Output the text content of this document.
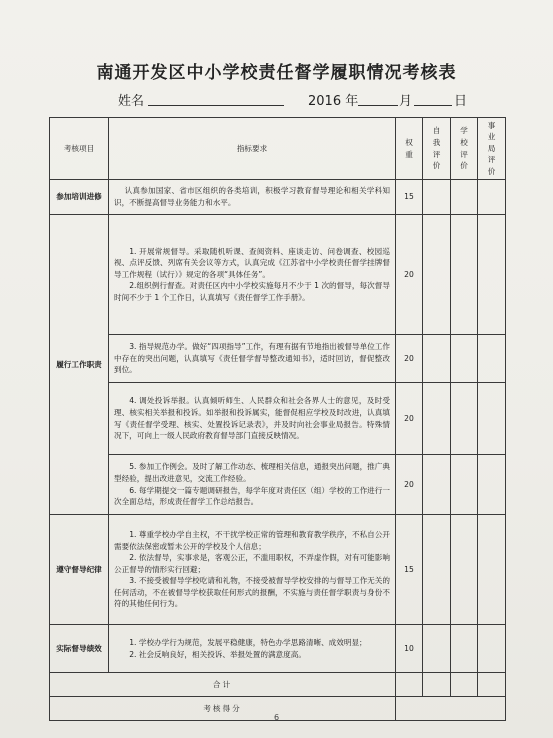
南通开发区中小学校责任督学履职情况考核表
姓名	2016 年	月	日
考核项目	指标要求	权重	自我评价	学校评价	事业局评价

参加培训进修	认真参加国家、省市区组织的各类培训，积极学习教育督导理论和相关学科知识，不断提高督导业务能力和水平。	15			
履行工作职责	1. 开展常规督导。采取随机听课、查阅资料、座谈走访、问卷调查、校园巡视、点评反馈、列席有关会议等方式，认真完成《江苏省中小学校责任督学挂牌督导工作规程（试行）》规定的各项“具体任务”。

2.组织例行督查。对责任区内中小学校实施每月不少于 1 次的督导，每次督导时间不少于 1 个工作日，认真填写《责任督学工作手册》。	20			

	3. 指导规范办学。做好“四项指导”工作，有理有据有节地指出被督导单位工作中存在的突出问题，认真填写《责任督学督导整改通知书》，适时回访，督促整改到位。	20			

	4. 调处投诉举报。认真倾听师生、人民群众和社会各界人士的意见，及时受理、核实相关举报和投诉。如举报和投诉属实，能督促相应学校及时改进，认真填写《责任督学受理、核实、处置投诉记录表》，并及时向社会事业局报告。特殊情况下，可向上一级人民政府教育督导部门直接反映情况。	20			

	5. 参加工作例会。及时了解工作动态、梳理相关信息，通报突出问题，推广典型经验，提出改进意见，交流工作经验。

6. 每学期提交一篇专题调研报告，每学年度对责任区（组）学校的工作进行一次全面总结，形成责任督学工作总结报告。	20			
遵守督导纪律	1. 尊重学校办学自主权，不干扰学校正常的管理和教育教学秩序，不私自公开需要依法保密或暂未公开的学校及个人信息；

2. 依法督导，实事求是，客观公正，不滥用职权，不弄虚作假，对有可能影响公正督导的情形实行回避；

3. 不接受被督导学校吃请和礼物，不接受被督导学校安排的与督导工作无关的任何活动，不在被督导学校获取任何形式的报酬，不实施与责任督学职责与身份不符的其他任何行为。	15			
实际督导绩效	1. 学校办学行为规范，发展平稳健康，特色办学思路清晰、成效明显；

2. 社会反响良好，相关投诉、举报处置的满意度高。	10			
合计					
考核得分					
6
